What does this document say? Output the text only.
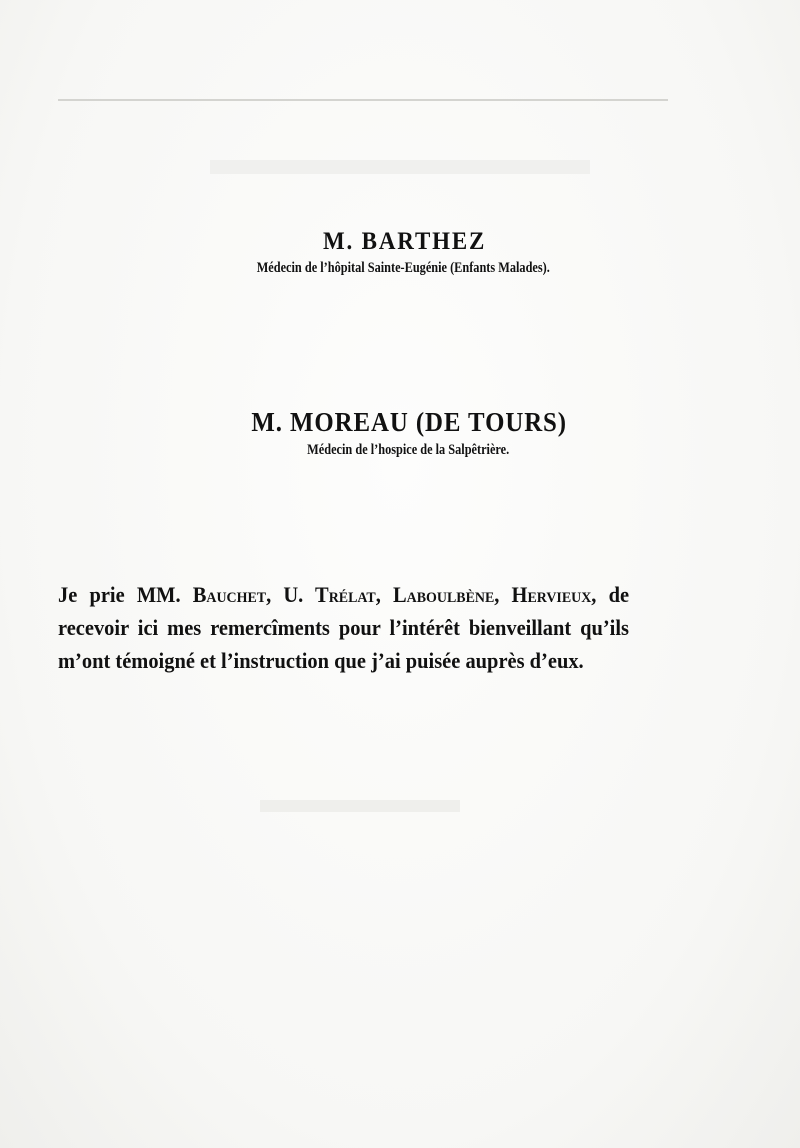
M. BARTHEZ
Médecin de l’hôpital Sainte-Eugénie (Enfants Malades).
M. MOREAU (DE TOURS)
Médecin de l’hospice de la Salpêtrière.

Je prie MM. Bauchet, U. Trélat, Laboulbène, Hervieux, de recevoir ici mes remercîments pour l’intérêt bienveillant qu’ils m’ont témoigné et l’instruction que j’ai puisée auprès d’eux.
